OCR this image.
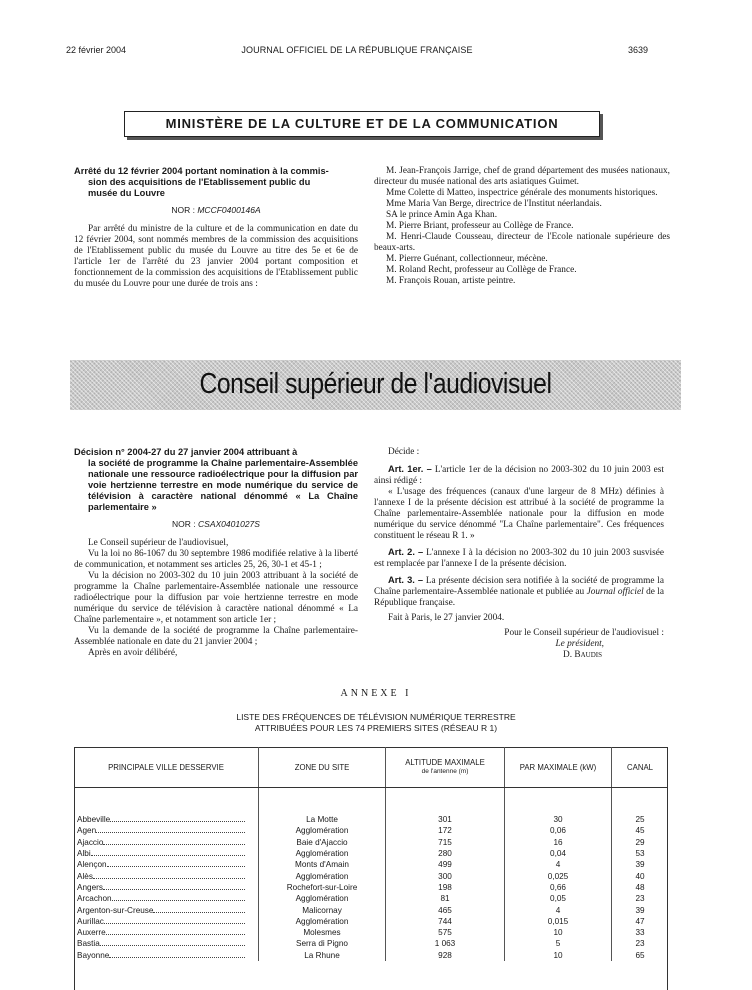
22 février 2004	JOURNAL OFFICIEL DE LA RÉPUBLIQUE FRANÇAISE	3639
MINISTÈRE DE LA CULTURE ET DE LA COMMUNICATION
Arrêté du 12 février 2004 portant nomination à la commis-
sion des acquisitions de l'Etablissement public du
musée du Louvre
NOR : MCCF0400146A

Par arrêté du ministre de la culture et de la communication en date du 12 février 2004, sont nommés membres de la commission des acquisitions de l'Etablissement public du musée du Louvre au titre des 5e et 6e de l'article 1er de l'arrêté du 23 janvier 2004 portant composition et fonctionnement de la commission des acquisitions de l'Etablissement public du musée du Louvre pour une durée de trois ans :

M. Jean-François Jarrige, chef de grand département des musées nationaux, directeur du musée national des arts asiatiques Guimet.

Mme Colette di Matteo, inspectrice générale des monuments historiques.

Mme Maria Van Berge, directrice de l'Institut néerlandais.

SA le prince Amin Aga Khan.

M. Pierre Briant, professeur au Collège de France.

M. Henri-Claude Cousseau, directeur de l'Ecole nationale supérieure des beaux-arts.

M. Pierre Guénant, collectionneur, mécène.

M. Roland Recht, professeur au Collège de France.

M. François Rouan, artiste peintre.

Conseil supérieur de l'audiovisuel
Décision n° 2004-27 du 27 janvier 2004 attribuant à
la société de programme la Chaîne parlementaire-Assemblée nationale une ressource radioélectrique pour la diffusion par voie hertzienne terrestre en mode numérique du service de télévision à caractère national dénommé « La Chaîne parlementaire »
NOR : CSAX0401027S

Le Conseil supérieur de l'audiovisuel,

Vu la loi no 86-1067 du 30 septembre 1986 modifiée relative à la liberté de communication, et notamment ses articles 25, 26, 30-1 et 45-1 ;

Vu la décision no 2003-302 du 10 juin 2003 attribuant à la société de programme la Chaîne parlementaire-Assemblée nationale une ressource radioélectrique pour la diffusion par voie hertzienne terrestre en mode numérique du service de télévision à caractère national dénommé « La Chaîne parlementaire », et notamment son article 1er ;

Vu la demande de la société de programme la Chaîne parlementaire-Assemblée nationale en date du 21 janvier 2004 ;

Après en avoir délibéré,

Décide :

Art. 1er. – L'article 1er de la décision no 2003-302 du 10 juin 2003 est ainsi rédigé :

« L'usage des fréquences (canaux d'une largeur de 8 MHz) définies à l'annexe I de la présente décision est attribué à la société de programme la Chaîne parlementaire-Assemblée nationale pour la diffusion en mode numérique du service dénommé "La Chaîne parlementaire". Ces fréquences constituent le réseau R 1. »

Art. 2. – L'annexe I à la décision no 2003-302 du 10 juin 2003 susvisée est remplacée par l'annexe I de la présente décision.

Art. 3. – La présente décision sera notifiée à la société de programme la Chaîne parlementaire-Assemblée nationale et publiée au Journal officiel de la République française.

Fait à Paris, le 27 janvier 2004.

Pour le Conseil supérieur de l'audiovisuel :
Le président,
D. Baudis
ANNEXE I
LISTE DES FRÉQUENCES DE TÉLÉVISION NUMÉRIQUE TERRESTRE
ATTRIBUÉES POUR LES 74 PREMIERS SITES (RÉSEAU R 1)
PRINCIPALE VILLE DESSERVIE	ZONE DU SITE	ALTITUDE MAXIMALE
de l'antenne (m)	PAR MAXIMALE (kW)	CANAL
Abbeville	La Motte	301	30	25
Agen	Agglomération	172	0,06	45
Ajaccio	Baie d'Ajaccio	715	16	29
Albi	Agglomération	280	0,04	53
Alençon	Monts d'Amain	499	4	39
Alès	Agglomération	300	0,025	40
Angers	Rochefort-sur-Loire	198	0,66	48
Arcachon	Agglomération	81	0,05	23
Argenton-sur-Creuse	Malicornay	465	4	39
Aurillac	Agglomération	744	0,015	47
Auxerre	Molesmes	575	10	33
Bastia	Serra di Pigno	1 063	5	23
Bayonne	La Rhune	928	10	65
